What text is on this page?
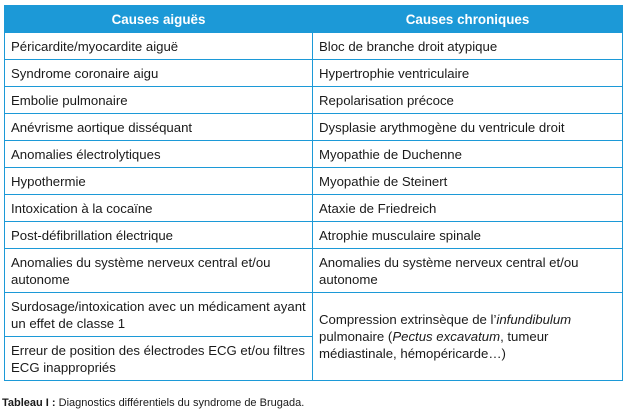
Causes aiguës	Causes chroniques
Péricardite/myocardite aiguë	Bloc de branche droit atypique
Syndrome coronaire aigu	Hypertrophie ventriculaire
Embolie pulmonaire	Repolarisation précoce
Anévrisme aortique disséquant	Dysplasie arythmogène du ventricule droit
Anomalies électrolytiques	Myopathie de Duchenne
Hypothermie	Myopathie de Steinert
Intoxication à la cocaïne	Ataxie de Friedreich
Post-défibrillation électrique	Atrophie musculaire spinale
Anomalies du système nerveux central et/ou autonome	Anomalies du système nerveux central et/ou autonome
Surdosage/intoxication avec un médicament ayant un effet de classe 1	Compression extrinsèque de l’infundibulum pulmonaire (Pectus excavatum, tumeur médiastinale, hémopéricarde…)
Erreur de position des électrodes ECG et/ou filtres ECG inappropriés	
Tableau I : Diagnostics différentiels du syndrome de Brugada.
